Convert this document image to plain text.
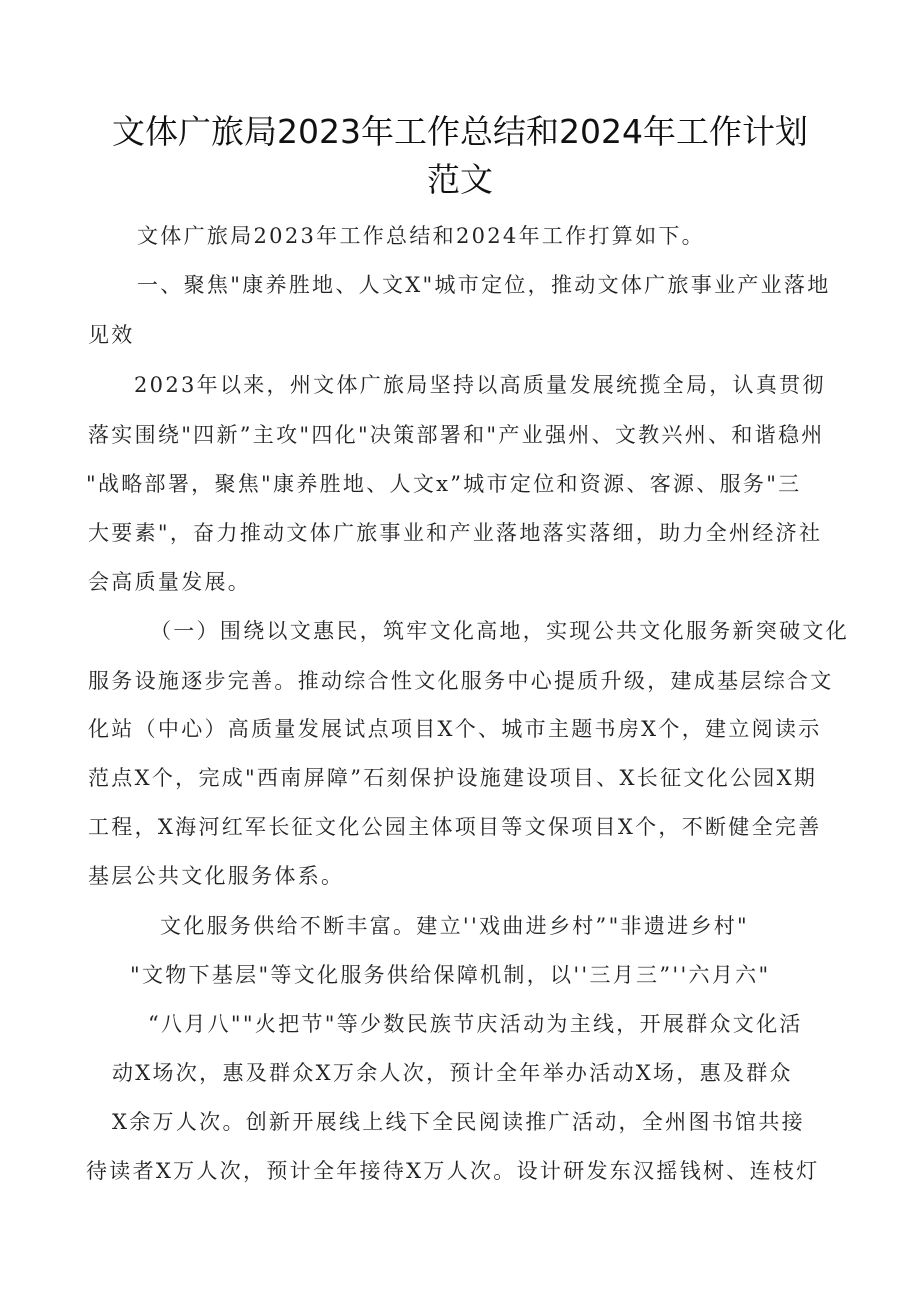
文体广旅局2023年工作总结和2024年工作计划
范文
文体广旅局2023年工作总结和2024年工作打算如下。
一、聚焦"康养胜地、人文X"城市定位，推动文体广旅事业产业落地
见效
2023年以来，州文体广旅局坚持以高质量发展统揽全局，认真贯彻
落实围绕"四新”主攻"四化"决策部署和"产业强州、文教兴州、和谐稳州
"战略部署，聚焦"康养胜地、人文x”城市定位和资源、客源、服务"三
大要素"，奋力推动文体广旅事业和产业落地落实落细，助力全州经济社
会高质量发展。
（一）围绕以文惠民，筑牢文化高地，实现公共文化服务新突破文化
服务设施逐步完善。推动综合性文化服务中心提质升级，建成基层综合文
化站（中心）高质量发展试点项目X个、城市主题书房X个，建立阅读示
范点X个，完成"西南屏障”石刻保护设施建设项目、X长征文化公园X期
工程，X海河红军长征文化公园主体项目等文保项目X个，不断健全完善
基层公共文化服务体系。
文化服务供给不断丰富。建立''戏曲进乡村”"非遗进乡村"
"文物下基层"等文化服务供给保障机制，以''三月三”''六月六"
“八月八""火把节"等少数民族节庆活动为主线，开展群众文化活
动X场次，惠及群众X万余人次，预计全年举办活动X场，惠及群众
X余万人次。创新开展线上线下全民阅读推广活动，全州图书馆共接
待读者X万人次，预计全年接待X万人次。设计研发东汉摇钱树、连枝灯
